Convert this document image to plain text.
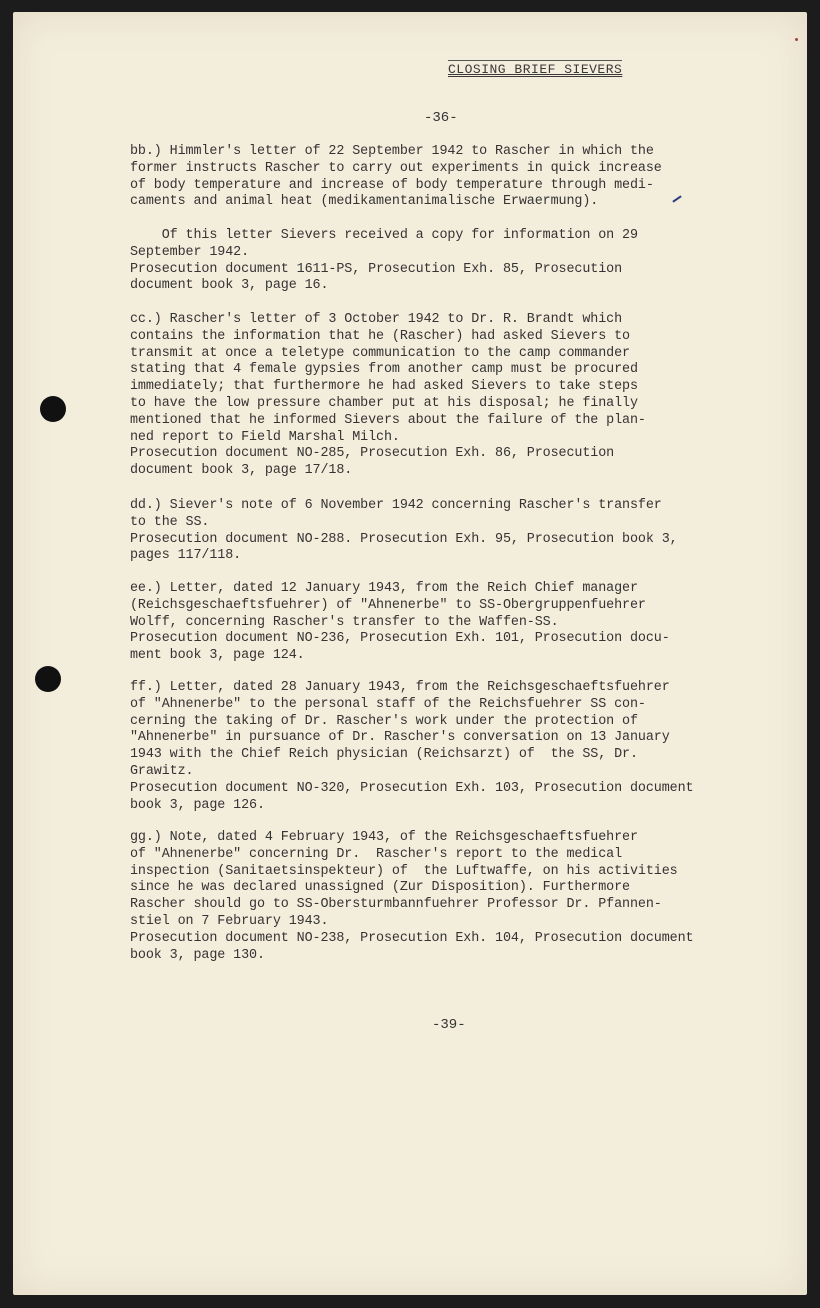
CLOSING BRIEF SIEVERS
-36-
bb.) Himmler's letter of 22 September 1942 to Rascher in which the
former instructs Rascher to carry out experiments in quick increase
of body temperature and increase of body temperature through medi-
caments and animal heat (medikamentanimalische Erwaermung).
Of this letter Sievers received a copy for information on 29
September 1942.
Prosecution document 1611-PS, Prosecution Exh. 85, Prosecution
document book 3, page 16.
cc.) Rascher's letter of 3 October 1942 to Dr. R. Brandt which
contains the information that he (Rascher) had asked Sievers to
transmit at once a teletype communication to the camp commander
stating that 4 female gypsies from another camp must be procured
immediately; that furthermore he had asked Sievers to take steps
to have the low pressure chamber put at his disposal; he finally
mentioned that he informed Sievers about the failure of the plan-
ned report to Field Marshal Milch.
Prosecution document NO-285, Prosecution Exh. 86, Prosecution
document book 3, page 17/18.
dd.) Siever's note of 6 November 1942 concerning Rascher's transfer
to the SS.
Prosecution document NO-288. Prosecution Exh. 95, Prosecution book 3,
pages 117/118.
ee.) Letter, dated 12 January 1943, from the Reich Chief manager
(Reichsgeschaeftsfuehrer) of "Ahnenerbe" to SS-Obergruppenfuehrer
Wolff, concerning Rascher's transfer to the Waffen-SS.
Prosecution document NO-236, Prosecution Exh. 101, Prosecution docu-
ment book 3, page 124.
ff.) Letter, dated 28 January 1943, from the Reichsgeschaeftsfuehrer
of "Ahnenerbe" to the personal staff of the Reichsfuehrer SS con-
cerning the taking of Dr. Rascher's work under the protection of
"Ahnenerbe" in pursuance of Dr. Rascher's conversation on 13 January
1943 with the Chief Reich physician (Reichsarzt) of  the SS, Dr.
Grawitz.
Prosecution document NO-320, Prosecution Exh. 103, Prosecution document
book 3, page 126.
gg.) Note, dated 4 February 1943, of the Reichsgeschaeftsfuehrer
of "Ahnenerbe" concerning Dr.  Rascher's report to the medical
inspection (Sanitaetsinspekteur) of  the Luftwaffe, on his activities
since he was declared unassigned (Zur Disposition). Furthermore
Rascher should go to SS-Obersturmbannfuehrer Professor Dr. Pfannen-
stiel on 7 February 1943.
Prosecution document NO-238, Prosecution Exh. 104, Prosecution document
book 3, page 130.
-39-
